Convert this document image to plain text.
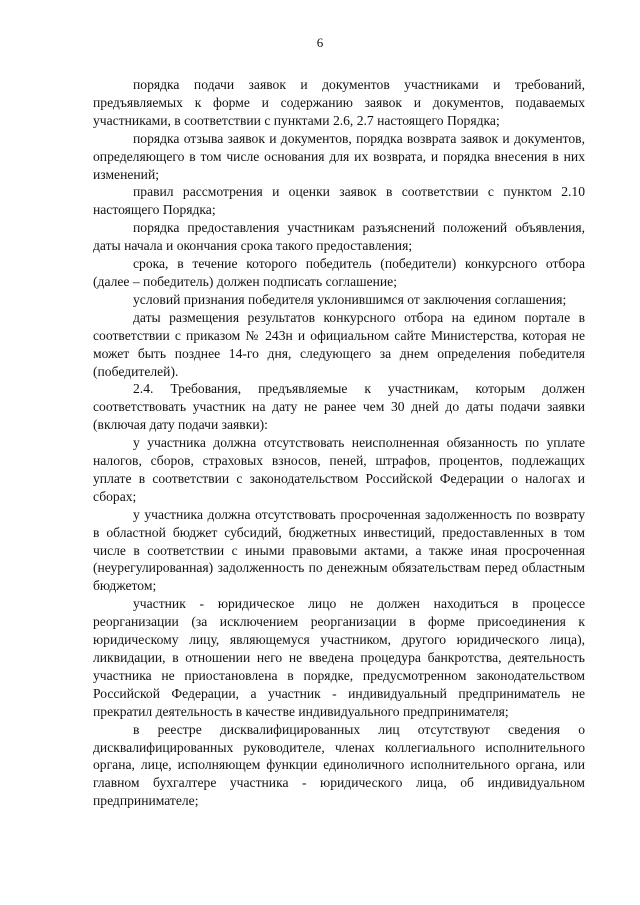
6

порядка подачи заявок и документов участниками и требований, предъявляемых к форме и содержанию заявок и документов, подаваемых участниками, в соответствии с пунктами 2.6, 2.7 настоящего Порядка;

порядка отзыва заявок и документов, порядка возврата заявок и документов, определяющего в том числе основания для их возврата, и порядка внесения в них изменений;

правил рассмотрения и оценки заявок в соответствии с пунктом 2.10 настоящего Порядка;

порядка предоставления участникам разъяснений положений объявления, даты начала и окончания срока такого предоставления;

срока, в течение которого победитель (победители) конкурсного отбора (далее – победитель) должен подписать соглашение;

условий признания победителя уклонившимся от заключения соглашения;

даты размещения результатов конкурсного отбора на едином портале в соответствии с приказом № 243н и официальном сайте Министерства, которая не может быть позднее 14-го дня, следующего за днем определения победителя (победителей).

2.4. Требования, предъявляемые к участникам, которым должен соответствовать участник на дату не ранее чем 30 дней до даты подачи заявки (включая дату подачи заявки):

у участника должна отсутствовать неисполненная обязанность по уплате налогов, сборов, страховых взносов, пеней, штрафов, процентов, подлежащих уплате в соответствии с законодательством Российской Федерации о налогах и сборах;

у участника должна отсутствовать просроченная задолженность по возврату в областной бюджет субсидий, бюджетных инвестиций, предоставленных в том числе в соответствии с иными правовыми актами, а также иная просроченная (неурегулированная) задолженность по денежным обязательствам перед областным бюджетом;

участник - юридическое лицо не должен находиться в процессе реорганизации (за исключением реорганизации в форме присоединения к юридическому лицу, являющемуся участником, другого юридического лица), ликвидации, в отношении него не введена процедура банкротства, деятельность участника не приостановлена в порядке, предусмотренном законодательством Российской Федерации, а участник - индивидуальный предприниматель не прекратил деятельность в качестве индивидуального предпринимателя;

в реестре дисквалифицированных лиц отсутствуют сведения о дисквалифицированных руководителе, членах коллегиального исполнительного органа, лице, исполняющем функции единоличного исполнительного органа, или главном бухгалтере участника - юридического лица, об индивидуальном предпринимателе;
